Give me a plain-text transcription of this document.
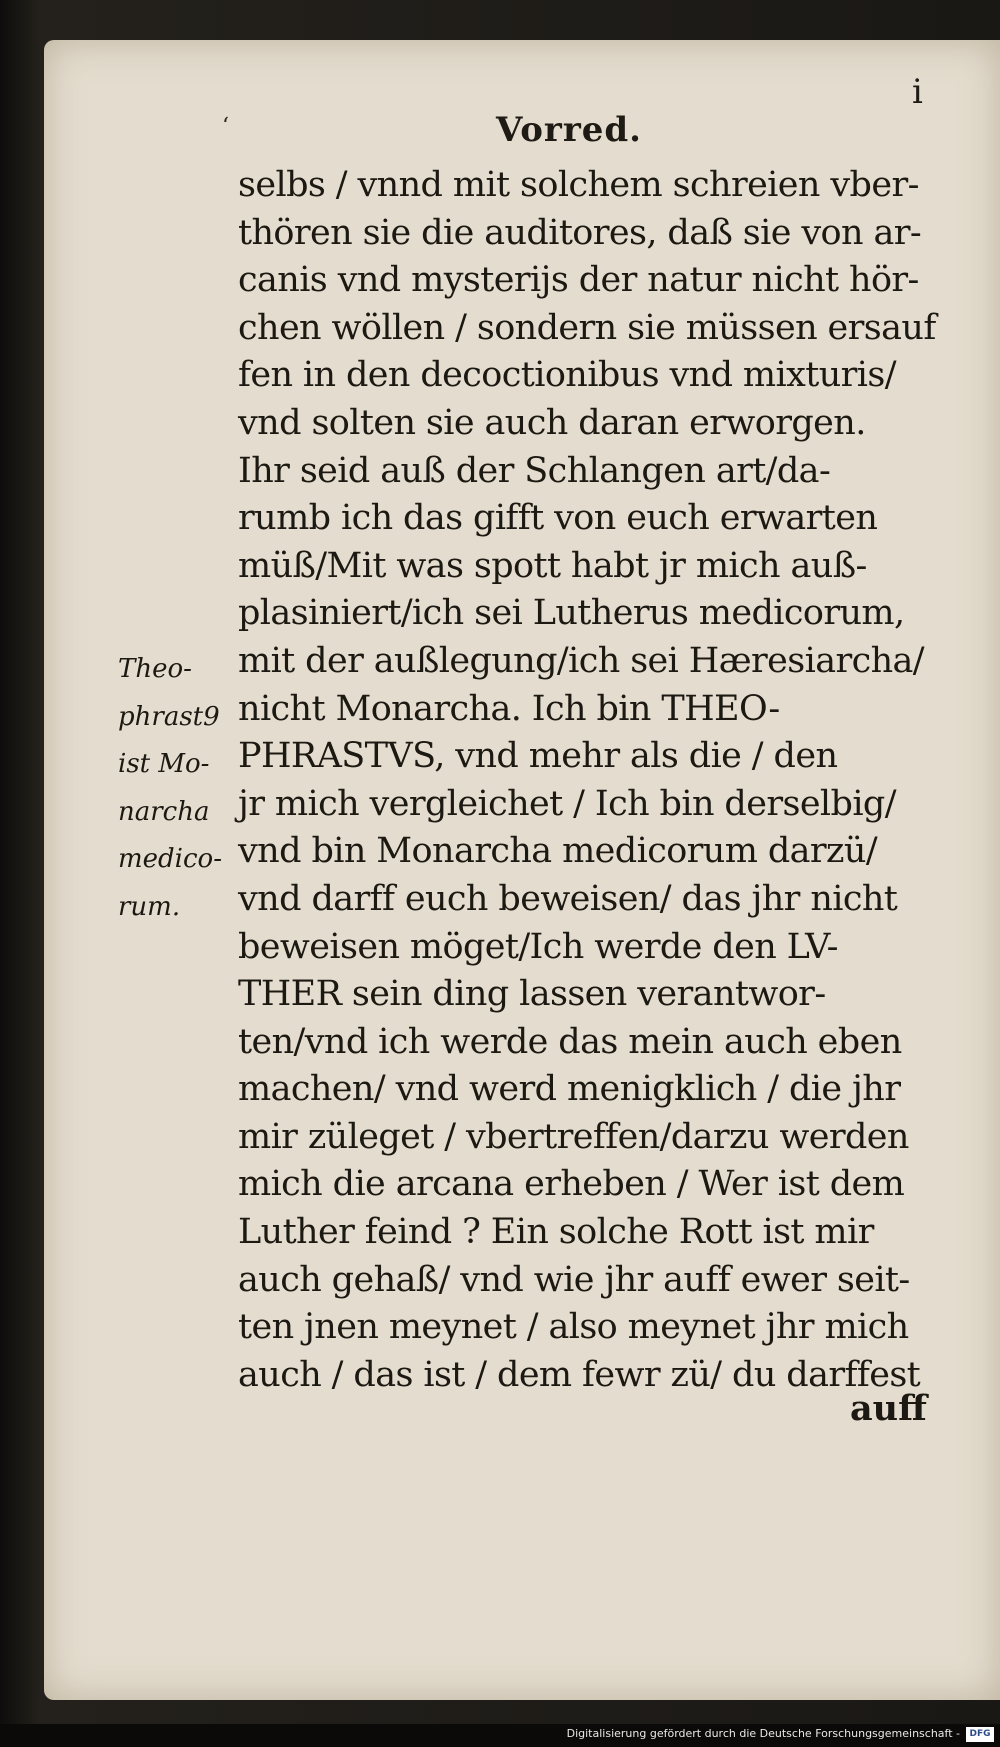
i

‘	Vorred.

selbs / vnnd mit solchem schreien vber-
thören sie die auditores, daß sie von ar-
canis vnd mysterijs der natur nicht hör-
chen wöllen / sondern sie müssen ersauf
fen in den decoctionibus vnd mixturis/
vnd solten sie auch daran erworgen.
Ihr seid auß der Schlangen art/da-
rumb ich das gifft von euch erwarten
müß/Mit was spott habt jr mich auß-
plasiniert/ich sei Lutherus medicorum,
mit der außlegung/ich sei Hæresiarcha/
nicht Monarcha. Ich bin THEO-
PHRASTVS, vnd mehr als die / den
jr mich vergleichet / Ich bin derselbig/
vnd bin Monarcha medicorum darzü/
vnd darff euch beweisen/ das jhr nicht
beweisen möget/Ich werde den LV-
THER sein ding lassen verantwor-
ten/vnd ich werde das mein auch eben
machen/ vnd werd menigklich / die jhr
mir züleget / vbertreffen/darzu werden
mich die arcana erheben / Wer ist dem
Luther feind ? Ein solche Rott ist mir
auch gehaß/ vnd wie jhr auff ewer seit-
ten jnen meynet / also meynet jhr mich
auch / das ist / dem fewr zü/ du darffest

auff

Theo-
phrast9
ist Mo-
narcha
medico-
rum.
Digitalisierung gefördert durch die Deutsche Forschungsgemeinschaft -	DFG
